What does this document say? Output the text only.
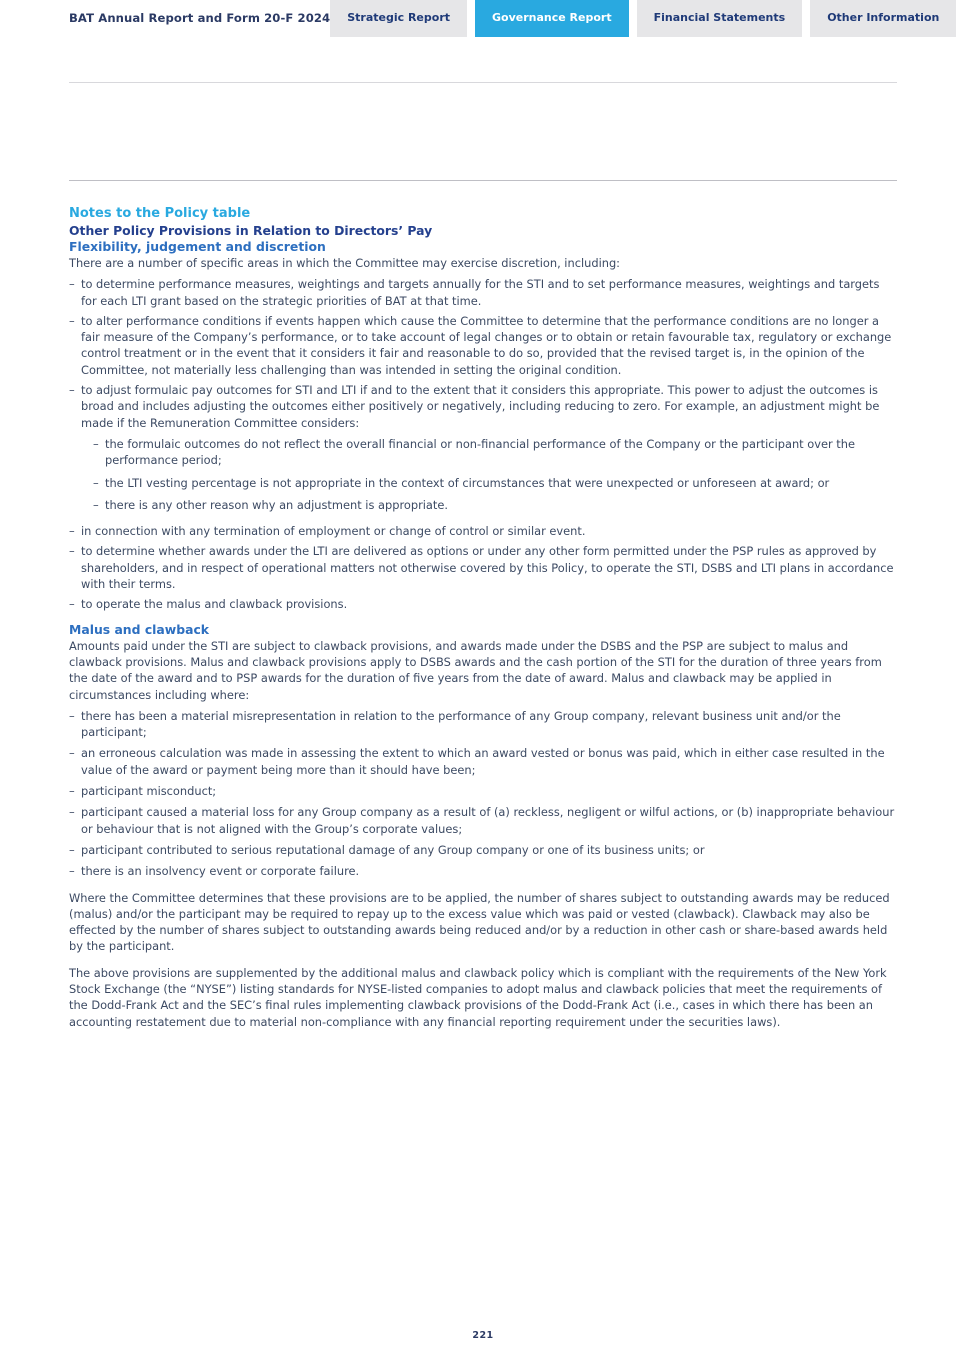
BAT Annual Report and Form 20-F 2024	Strategic Report	Governance Report	Financial Statements	Other Information
Notes to the Policy table
Other Policy Provisions in Relation to Directors’ Pay
Flexibility, judgement and discretion

There are a number of specific areas in which the Committee may exercise discretion, including:

– to determine performance measures, weightings and targets annually for the STI and to set performance measures, weightings and targets for each LTI grant based on the strategic priorities of BAT at that time.
– to alter performance conditions if events happen which cause the Committee to determine that the performance conditions are no longer a fair measure of the Company’s performance, or to take account of legal changes or to obtain or retain favourable tax, regulatory or exchange control treatment or in the event that it considers it fair and reasonable to do so, provided that the revised target is, in the opinion of the Committee, not materially less challenging than was intended in setting the original condition.
– to adjust formulaic pay outcomes for STI and LTI if and to the extent that it considers this appropriate. This power to adjust the outcomes is broad and includes adjusting the outcomes either positively or negatively, including reducing to zero. For example, an adjustment might be made if the Remuneration Committee considers:
– the formulaic outcomes do not reflect the overall financial or non-financial performance of the Company or the participant over the performance period;
– the LTI vesting percentage is not appropriate in the context of circumstances that were unexpected or unforeseen at award; or
– there is any other reason why an adjustment is appropriate.
– in connection with any termination of employment or change of control or similar event.
– to determine whether awards under the LTI are delivered as options or under any other form permitted under the PSP rules as approved by shareholders, and in respect of operational matters not otherwise covered by this Policy, to operate the STI, DSBS and LTI plans in accordance with their terms.
– to operate the malus and clawback provisions.
Malus and clawback

Amounts paid under the STI are subject to clawback provisions, and awards made under the DSBS and the PSP are subject to malus and clawback provisions. Malus and clawback provisions apply to DSBS awards and the cash portion of the STI for the duration of three years from the date of the award and to PSP awards for the duration of five years from the date of award. Malus and clawback may be applied in circumstances including where:

– there has been a material misrepresentation in relation to the performance of any Group company, relevant business unit and/or the participant;
– an erroneous calculation was made in assessing the extent to which an award vested or bonus was paid, which in either case resulted in the value of the award or payment being more than it should have been;
– participant misconduct;
– participant caused a material loss for any Group company as a result of (a) reckless, negligent or wilful actions, or (b) inappropriate behaviour or behaviour that is not aligned with the Group’s corporate values;
– participant contributed to serious reputational damage of any Group company or one of its business units; or
– there is an insolvency event or corporate failure.

Where the Committee determines that these provisions are to be applied, the number of shares subject to outstanding awards may be reduced (malus) and/or the participant may be required to repay up to the excess value which was paid or vested (clawback). Clawback may also be effected by the number of shares subject to outstanding awards being reduced and/or by a reduction in other cash or share-based awards held by the participant.

The above provisions are supplemented by the additional malus and clawback policy which is compliant with the requirements of the New York Stock Exchange (the “NYSE”) listing standards for NYSE-listed companies to adopt malus and clawback policies that meet the requirements of the Dodd-Frank Act and the SEC’s final rules implementing clawback provisions of the Dodd-Frank Act (i.e., cases in which there has been an accounting restatement due to material non-compliance with any financial reporting requirement under the securities laws).

221
